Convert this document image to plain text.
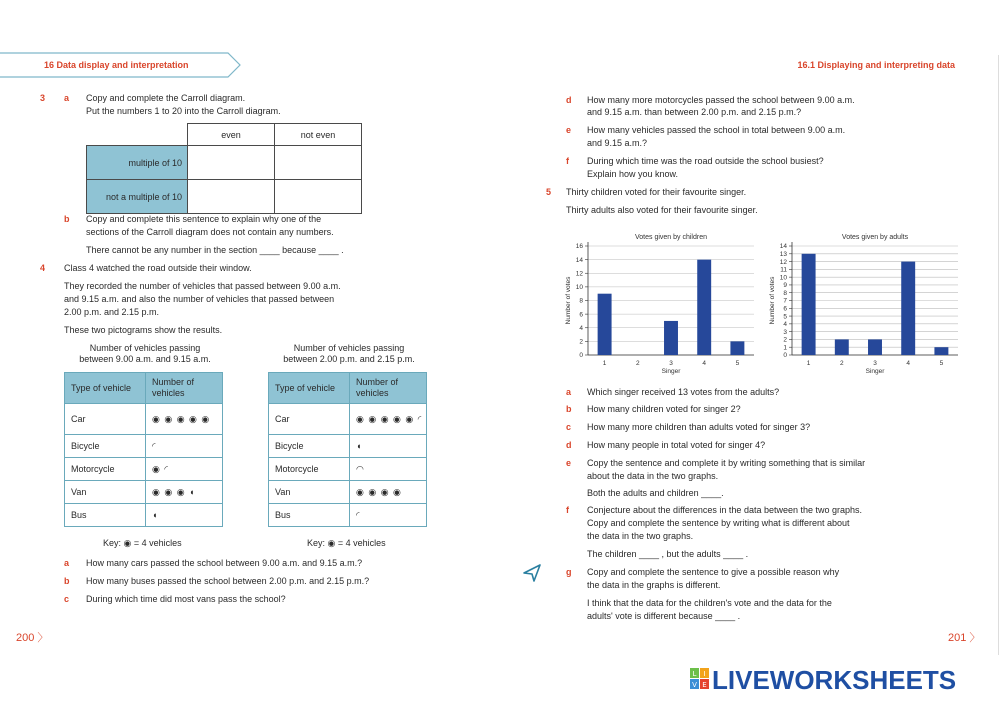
16 Data display and interpretation	16.1 Displaying and interpreting data
3 a Copy and complete the Carroll diagram.
Put the numbers 1 to 20 into the Carroll diagram.
	even	not even
multiple of 10		
not a multiple of 10		
b Copy and complete this sentence to explain why one of the
sections of the Carroll diagram does not contain any numbers.
There cannot be any number in the section ____ because ____ .
4 Class 4 watched the road outside their window.
They recorded the number of vehicles that passed between 9.00 a.m.
and 9.15 a.m. and also the number of vehicles that passed between
2.00 p.m. and 2.15 p.m.
These two pictograms show the results.
Number of vehicles passing
between 9.00 a.m. and 9.15 a.m.
Type of vehicle	Number of vehicles
Car	◉ ◉ ◉ ◉ ◉
Bicycle	◜
Motorcycle	◉ ◜
Van	◉ ◉ ◉ ◖
Bus	◖
Key: ◉ = 4 vehicles
Number of vehicles passing
between 2.00 p.m. and 2.15 p.m.
Type of vehicle	Number of vehicles
Car	◉ ◉ ◉ ◉ ◉ ◜
Bicycle	◖
Motorcycle	◠
Van	◉ ◉ ◉ ◉
Bus	◜
Key: ◉ = 4 vehicles
a How many cars passed the school between 9.00 a.m. and 9.15 a.m.?
b How many buses passed the school between 2.00 p.m. and 2.15 p.m.?
c During which time did most vans pass the school?
200 〉
d How many more motorcycles passed the school between 9.00 a.m.
and 9.15 a.m. than between 2.00 p.m. and 2.15 p.m.?
e How many vehicles passed the school in total between 9.00 a.m.
and 9.15 a.m.?
f During which time was the road outside the school busiest?
Explain how you know.
5 Thirty children voted for their favourite singer.
Thirty adults also voted for their favourite singer.
Votes given by children
0
2
4
6
8
10
12
14
16
1	2	3	4	5
Singer
Number of votes
Votes given by adults
0
1
2
3
4
5
6
7
8
9
10
11
12
13
14
1	2	3	4	5
Singer
Number of votes
a Which singer received 13 votes from the adults?
b How many children voted for singer 2?
c How many more children than adults voted for singer 3?
d How many people in total voted for singer 4?
e Copy the sentence and complete it by writing something that is similar
about the data in the two graphs.
Both the adults and children ____.
f Conjecture about the differences in the data between the two graphs.
Copy and complete the sentence by writing what is different about
the data in the two graphs.
The children ____ , but the adults ____ .
g Copy and complete the sentence to give a possible reason why
the data in the graphs is different.
I think that the data for the children's vote and the data for the
adults' vote is different because ____ .
201 〉
L I
V E LIVEWORKSHEETS
